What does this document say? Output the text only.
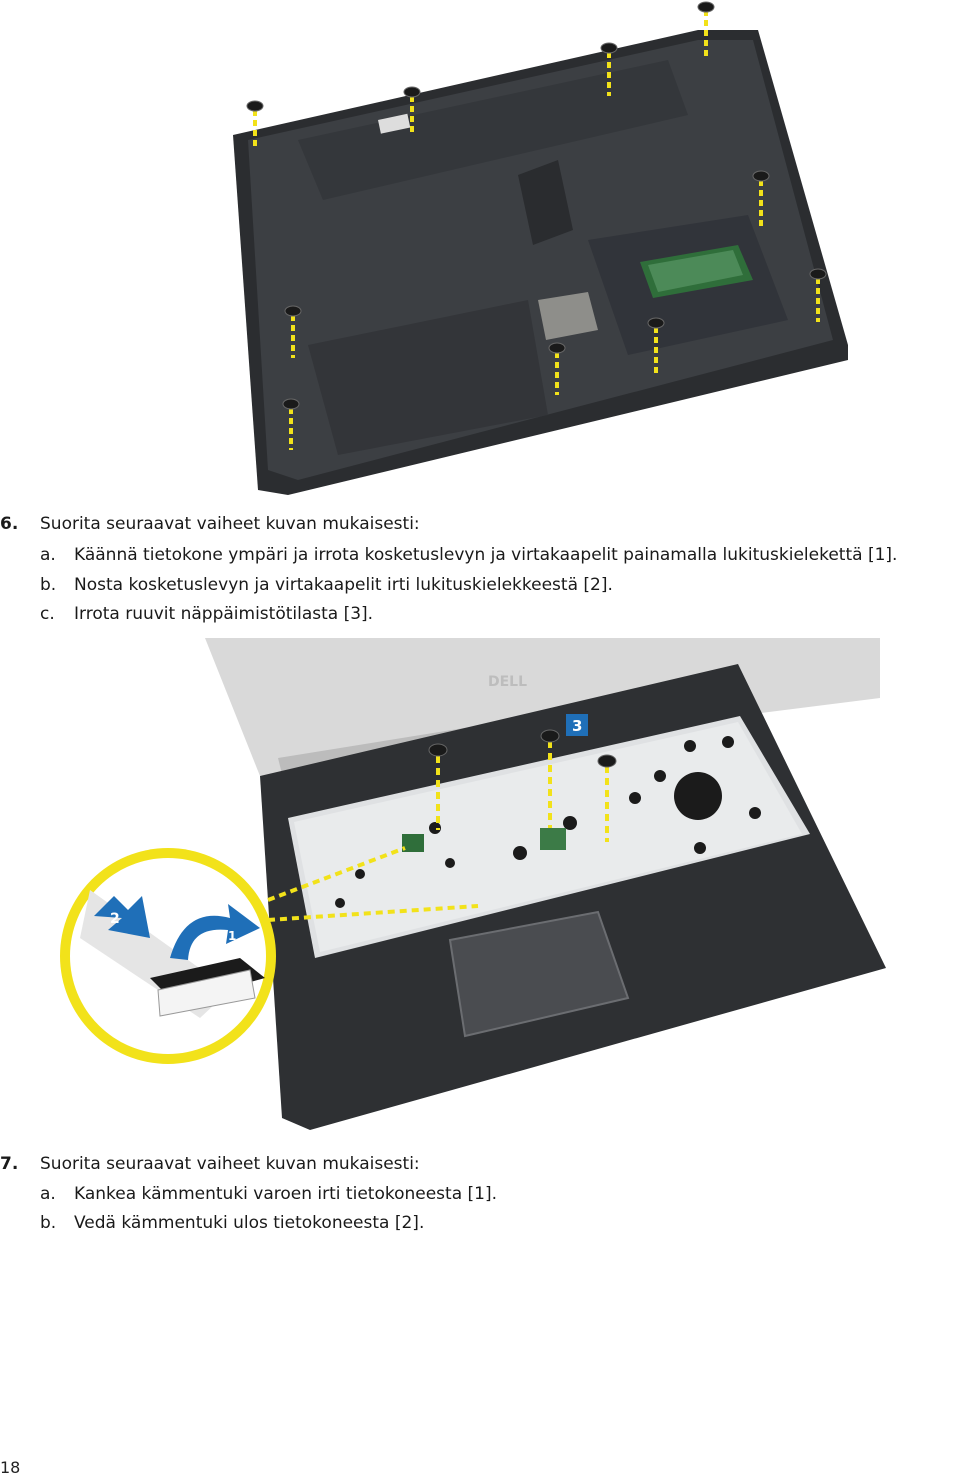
6. Suorita seuraavat vaiheet kuvan mukaisesti:
a. Käännä tietokone ympäri ja irrota kosketuslevyn ja virtakaapelit painamalla lukituskielekettä [1].
b. Nosta kosketuslevyn ja virtakaapelit irti lukituskielekkeestä [2].
c. Irrota ruuvit näppäimistötilasta [3].
DELL
3
2
1
7. Suorita seuraavat vaiheet kuvan mukaisesti:
a. Kankea kämmentuki varoen irti tietokoneesta [1].
b. Vedä kämmentuki ulos tietokoneesta [2].
18
